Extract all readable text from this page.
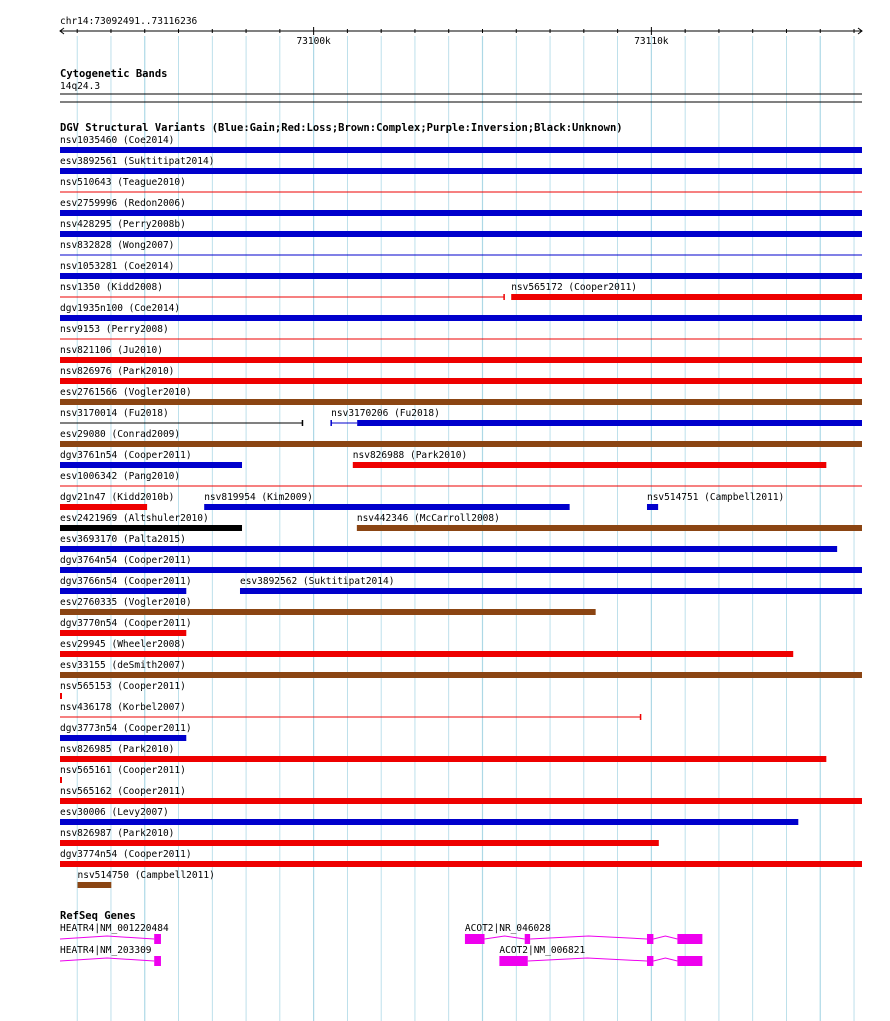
chr14:73092491..73116236
73100k	73110k
Cytogenetic Bands
14q24.3
DGV Structural Variants (Blue:Gain;Red:Loss;Brown:Complex;Purple:Inversion;Black:Unknown)
nsv1035460 (Coe2014)
esv3892561 (Suktitipat2014)
nsv510643 (Teague2010)
esv2759996 (Redon2006)
nsv428295 (Perry2008b)
nsv832828 (Wong2007)
nsv1053281 (Coe2014)
nsv1350 (Kidd2008)	nsv565172 (Cooper2011)
dgv1935n100 (Coe2014)
nsv9153 (Perry2008)
nsv821106 (Ju2010)
nsv826976 (Park2010)
esv2761566 (Vogler2010)
nsv3170014 (Fu2018)	nsv3170206 (Fu2018)
esv29080 (Conrad2009)
dgv3761n54 (Cooper2011)	nsv826988 (Park2010)
esv1006342 (Pang2010)
dgv21n47 (Kidd2010b)	nsv819954 (Kim2009)	nsv514751 (Campbell2011)
esv2421969 (Altshuler2010)	nsv442346 (McCarroll2008)
esv3693170 (Palta2015)
dgv3764n54 (Cooper2011)
dgv3766n54 (Cooper2011)	esv3892562 (Suktitipat2014)
esv2760335 (Vogler2010)
dgv3770n54 (Cooper2011)
esv29945 (Wheeler2008)
esv33155 (deSmith2007)
nsv565153 (Cooper2011)
nsv436178 (Korbel2007)
dgv3773n54 (Cooper2011)
nsv826985 (Park2010)
nsv565161 (Cooper2011)
nsv565162 (Cooper2011)
esv30006 (Levy2007)
nsv826987 (Park2010)
dgv3774n54 (Cooper2011)
nsv514750 (Campbell2011)
RefSeq Genes
HEATR4|NM_001220484	ACOT2|NR_046028
HEATR4|NM_203309	ACOT2|NM_006821
